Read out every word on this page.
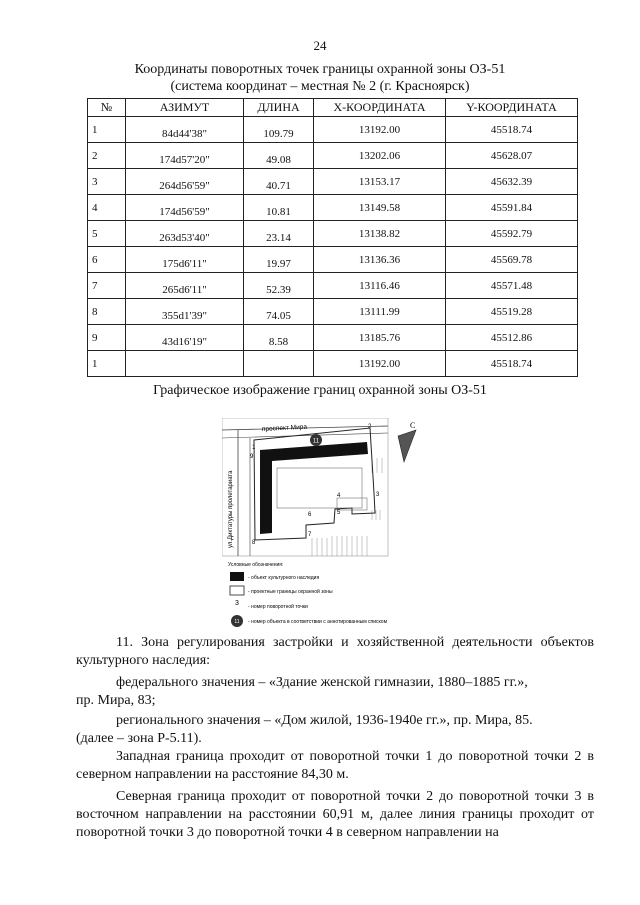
24
Координаты поворотных точек границы охранной зоны ОЗ-51
(система координат – местная № 2 (г. Красноярск)
№	АЗИМУТ	ДЛИНА	X-КООРДИНАТА	Y-КООРДИНАТА
1	84d44'38"	109.79	13192.00	45518.74
2	174d57'20"	49.08	13202.06	45628.07
3	264d56'59"	40.71	13153.17	45632.39
4	174d56'59"	10.81	13149.58	45591.84
5	263d53'40"	23.14	13138.82	45592.79
6	175d6'11"	19.97	13136.36	45569.78
7	265d6'11"	52.39	13116.46	45571.48
8	355d1'39"	74.05	13111.99	45519.28
9	43d16'19"	8.58	13185.76	45512.86
1			13192.00	45518.74
Графическое изображение границ охранной зоны ОЗ-51
11
проспект Мира
ул.Диктатуры пролетариата
1
2
3
4
5
6
7
8
9
С
Условные обозначения:
- объект культурного наследия
- проектные границы охранной зоны
3 - номер поворотной точки
11 - номер объекта в соответствии с аннотированным списком
11. Зона регулирования застройки и хозяйственной деятельности объектов культурного наследия:
федерального значения – «Здание женской гимназии, 1880–1885 гг.»,
пр. Мира, 83;
регионального значения – «Дом жилой, 1936-1940е гг.», пр. Мира, 85.
(далее – зона Р-5.11).
Западная граница проходит от поворотной точки 1 до поворотной точки 2 в северном направлении на расстояние 84,30 м.
Северная граница проходит от поворотной точки 2 до поворотной точки 3 в восточном направлении на расстоянии 60,91 м, далее линия границы проходит от поворотной точки 3 до поворотной точки 4 в северном направлении на
